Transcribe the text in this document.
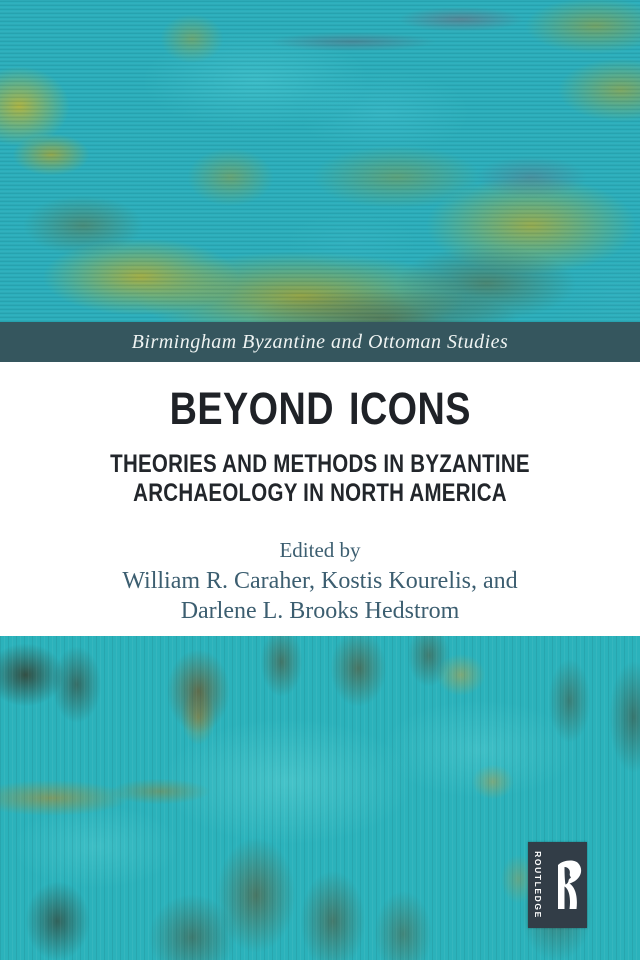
Birmingham Byzantine and Ottoman Studies
BEYOND ICONS
THEORIES AND METHODS IN BYZANTINE
ARCHAEOLOGY IN NORTH AMERICA
Edited by
William R. Caraher, Kostis Kourelis, and
Darlene L. Brooks Hedstrom
ROUTLEDGE
